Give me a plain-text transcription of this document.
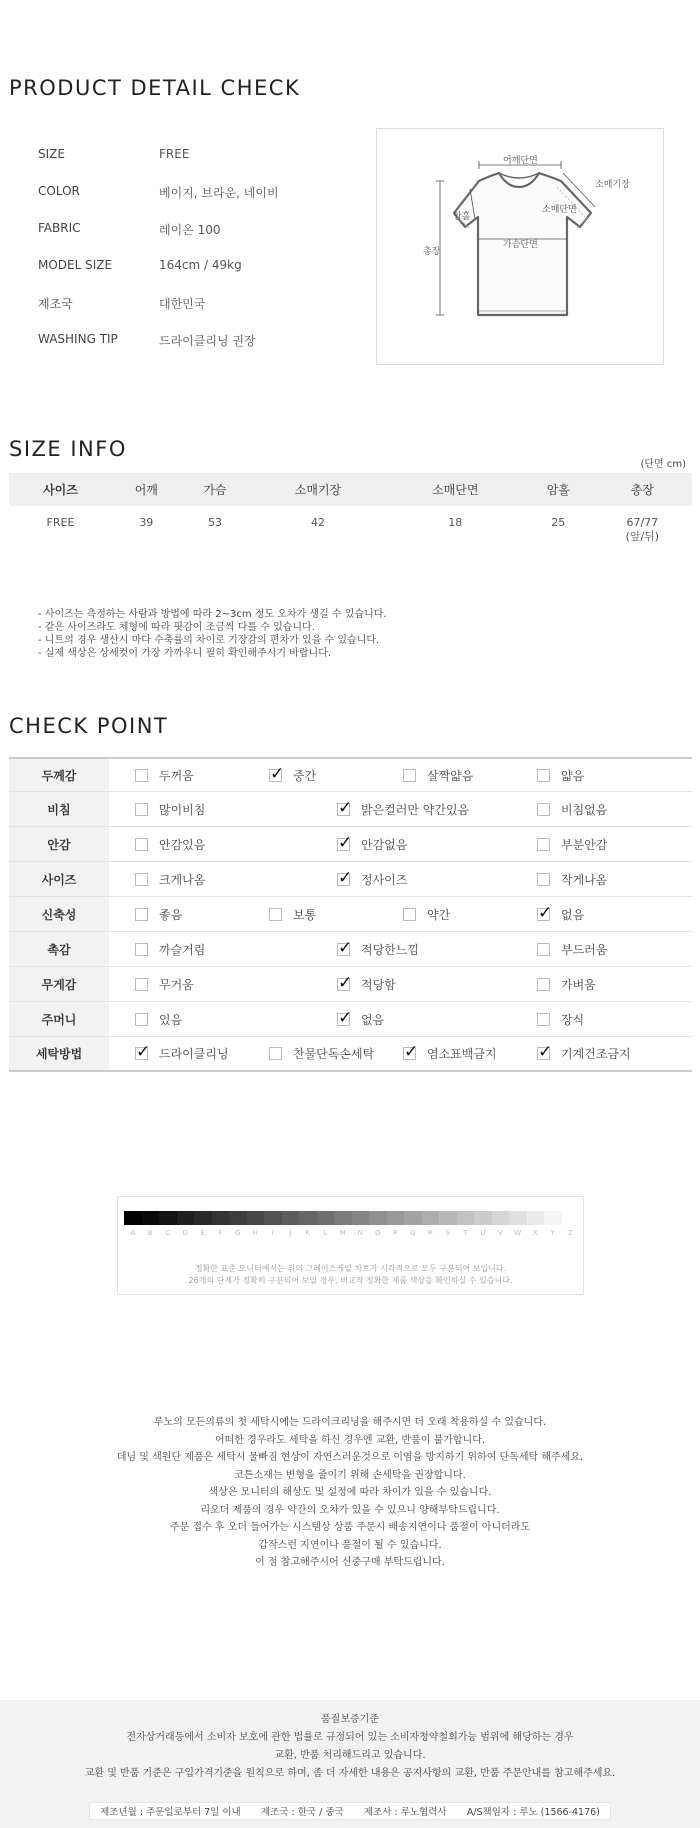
PRODUCT DETAIL CHECK
SIZE	FREE
COLOR	베이지, 브라운, 네이비
FABRIC	레이온 100
MODEL SIZE	164cm / 49kg
제조국	대한민국
WASHING TIP	드라이클리닝 권장
어깨단면
소매기장
암홀
소매단면
가슴단면
총장
SIZE INFO
(단면 cm)
사이즈	어깨	가슴	소매기장	소매단면	암홀	총장
FREE	39	53	42	18	25	67/77
(앞/뒤)
- 사이즈는 측정하는 사람과 방법에 따라 2~3cm 정도 오차가 생길 수 있습니다.
- 같은 사이즈라도 체형에 따라 핏감이 조금씩 다를 수 있습니다.
- 니트의 경우 생산시 마다 수축률의 차이로 기장감의 편차가 있을 수 있습니다.
- 실제 색상은 상세컷이 가장 가까우니 필히 확인해주시기 바랍니다.
CHECK POINT
두께감	두꺼움 ✓	중간	살짝얇음	얇음
비침	많이비침 ✓	밝은컬러만 약간있음	비침없음
안감	안감있음 ✓	안감없음	부분안감
사이즈	크게나옴 ✓	정사이즈	작게나옴
신축성	좋음	보통	약간 ✓	없음
촉감	까슬거림 ✓	적당한느낌	부드러움
무게감	무거움 ✓	적당함	가벼움
주머니	있음 ✓	없음	장식
세탁방법 ✓	드라이클리닝	찬물단독손세탁 ✓	염소표백금지 ✓	기계건조금지
A	B	C	D	E	F	G	H	I	J	K	L	M	N	O	P	Q	R	S	T	U	V	W	X	Y	Z
정확한 표준 모니터에서는 위의 그레이스케일 차트가 시각적으로 모두 구분되어 보입니다.
26개의 단계가 정확히 구분되어 보일 경우, 비교적 정확한 제품 색상을 확인하실 수 있습니다.
루노의 모든의류의 첫 세탁시에는 드라이크리닝을 해주시면 더 오래 착용하실 수 있습니다.
어떠한 경우라도 세탁을 하신 경우엔 교환, 반품이 불가합니다.
데님 및 색원단 제품은 세탁시 물빠짐 현상이 자연스러운것으로 이염을 방지하기 위하여 단독세탁 해주세요.
코튼소재는 변형을 줄이기 위해 손세탁을 권장합니다.
색상은 모니터의 해상도 및 설정에 따라 차이가 있을 수 있습니다.
리오더 제품의 경우 약간의 오차가 있을 수 있으니 양해부탁드립니다.
주문 접수 후 오더 들어가는 시스템상 상품 주문시 배송지연이나 품절이 아니더라도
갑작스런 지연이나 품절이 될 수 있습니다.
이 점 참고해주시어 신중구매 부탁드립니다.
품질보증기준
전자상거래등에서 소비자 보호에 관한 법률로 규정되어 있는 소비자청약철회가능 범위에 해당하는 경우
교환, 반품 처리해드리고 있습니다.
교환 및 반품 기준은 구입가격기준을 원칙으로 하며, 좀 더 자세한 내용은 공지사항의 교환, 반품 주문안내를 참고해주세요.
제조년월 : 주문일로부터 7일 이내 제조국 : 한국 / 중국 제조사 : 루노협력사 A/S책임자 : 루노 (1566-4176)
